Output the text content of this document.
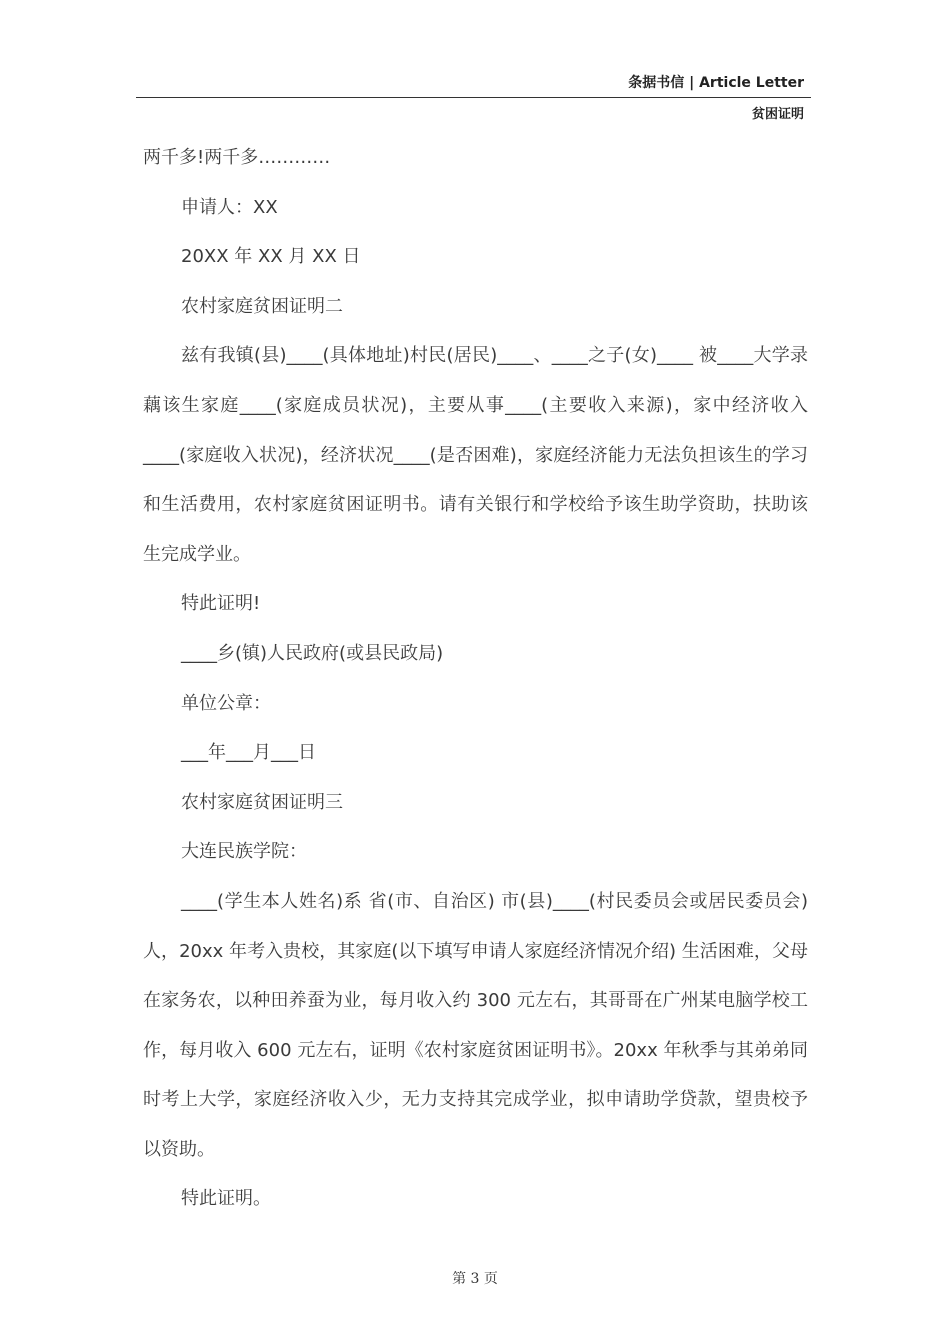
条据书信 | Article Letter
贫困证明

两千多!两千多…………

申请人：XX

20XX 年 XX 月 XX 日

农村家庭贫困证明二

兹有我镇(县)____(具体地址)村民(居民)____、____之子(女)____ 被____大学录藕该生家庭____(家庭成员状况)，主要从事____(主要收入来源)，家中经济收入 ____(家庭收入状况)，经济状况____(是否困难)，家庭经济能力无法负担该生的学习和生活费用，农村家庭贫困证明书。请有关银行和学校给予该生助学资助，扶助该生完成学业。

特此证明!

____乡(镇)人民政府(或县民政局)

单位公章：

___年___月___日

农村家庭贫困证明三

大连民族学院：

____(学生本人姓名)系 省(市、自治区) 市(县)____(村民委员会或居民委员会)人，20xx 年考入贵校，其家庭(以下填写申请人家庭经济情况介绍) 生活困难，父母在家务农，以种田养蚕为业，每月收入约 300 元左右，其哥哥在广州某电脑学校工作，每月收入 600 元左右，证明《农村家庭贫困证明书》。20xx 年秋季与其弟弟同时考上大学，家庭经济收入少，无力支持其完成学业，拟申请助学贷款，望贵校予以资助。

特此证明。

第 3 页
